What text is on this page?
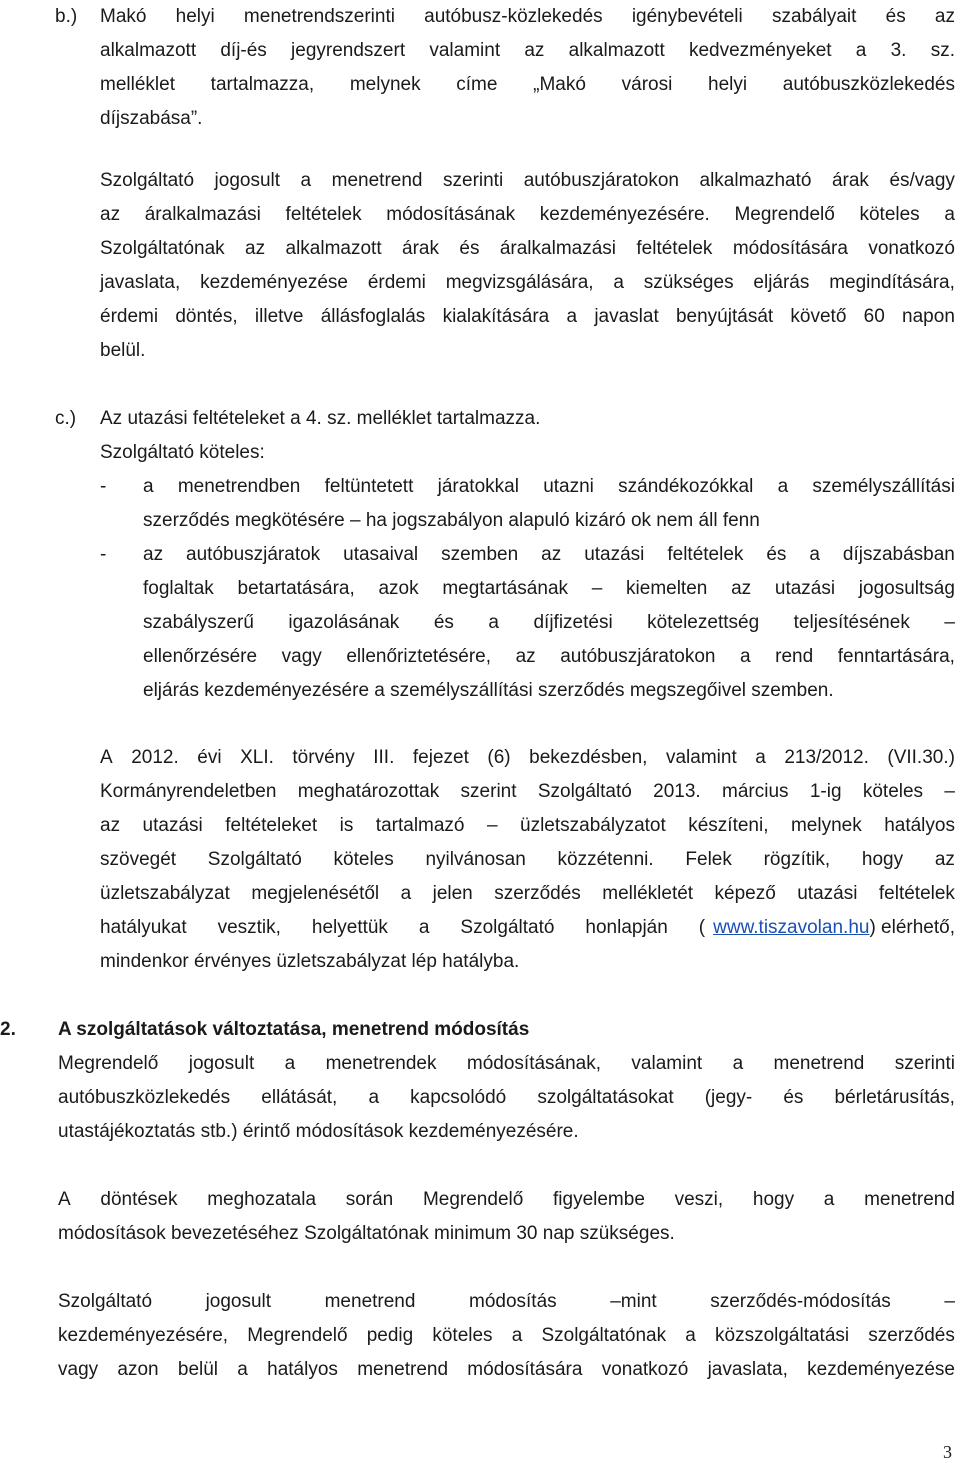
b.) Makó helyi menetrendszerinti autóbusz-közlekedés igénybevételi szabályait és az
alkalmazott díj-és jegyrendszert valamint az alkalmazott kedvezményeket a 3. sz.
melléklet tartalmazza, melynek címe „Makó városi helyi autóbuszközlekedés
díjszabása”.
Szolgáltató jogosult a menetrend szerinti autóbuszjáratokon alkalmazható árak és/vagy
az áralkalmazási feltételek módosításának kezdeményezésére. Megrendelő köteles a
Szolgáltatónak az alkalmazott árak és áralkalmazási feltételek módosítására vonatkozó
javaslata, kezdeményezése érdemi megvizsgálására, a szükséges eljárás megindítására,
érdemi döntés, illetve állásfoglalás kialakítására a javaslat benyújtását követő 60 napon
belül.
c.) Az utazási feltételeket a 4. sz. melléklet tartalmazza.
Szolgáltató köteles:
- a menetrendben feltüntetett járatokkal utazni szándékozókkal a személyszállítási
szerződés megkötésére – ha jogszabályon alapuló kizáró ok nem áll fenn
- az autóbuszjáratok utasaival szemben az utazási feltételek és a díjszabásban
foglaltak betartatására, azok megtartásának – kiemelten az utazási jogosultság
szabályszerű igazolásának és a díjfizetési kötelezettség teljesítésének –
ellenőrzésére vagy ellenőriztetésére, az autóbuszjáratokon a rend fenntartására,
eljárás kezdeményezésére a személyszállítási szerződés megszegőivel szemben.
A 2012. évi XLI. törvény III. fejezet (6) bekezdésben, valamint a 213/2012. (VII.30.)
Kormányrendeletben meghatározottak szerint Szolgáltató 2013. március 1-ig köteles –
az utazási feltételeket is tartalmazó – üzletszabályzatot készíteni, melynek hatályos
szövegét Szolgáltató köteles nyilvánosan közzétenni. Felek rögzítik, hogy az
üzletszabályzat megjelenésétől a jelen szerződés mellékletét képező utazási feltételek
hatályukat vesztik, helyettük a Szolgáltató honlapján ( www.tiszavolan.hu ) elérhető,
mindenkor érvényes üzletszabályzat lép hatályba.
2. A szolgáltatások változtatása, menetrend módosítás
Megrendelő jogosult a menetrendek módosításának, valamint a menetrend szerinti
autóbuszközlekedés ellátását, a kapcsolódó szolgáltatásokat (jegy- és bérletárusítás,
utastájékoztatás stb.) érintő módosítások kezdeményezésére.
A döntések meghozatala során Megrendelő figyelembe veszi, hogy a menetrend
módosítások bevezetéséhez Szolgáltatónak minimum 30 nap szükséges.
Szolgáltató	jogosult	menetrend	módosítás	–mint	szerződés-módosítás	–
kezdeményezésére, Megrendelő pedig köteles a Szolgáltatónak a közszolgáltatási szerződés
vagy azon belül a hatályos menetrend módosítására vonatkozó javaslata, kezdeményezése
3
